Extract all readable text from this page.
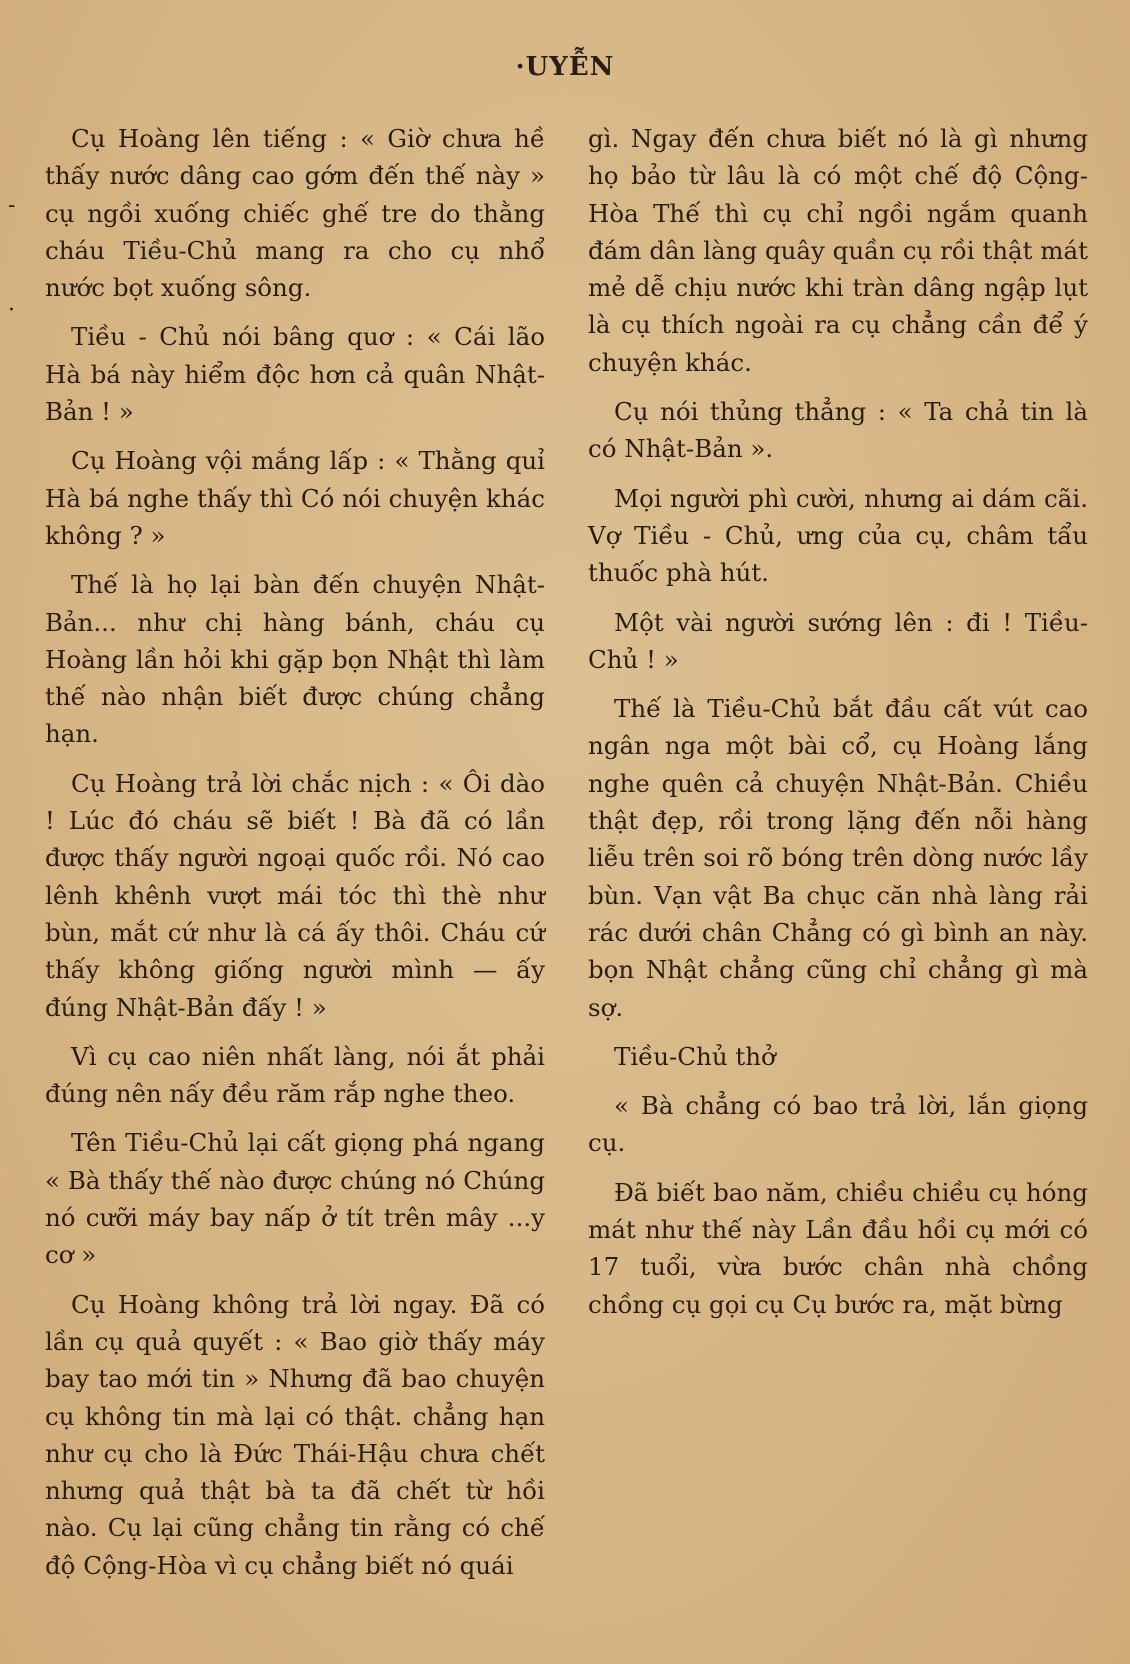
·UYỄN
-
·

Cụ Hoàng lên tiếng : « Giờ chưa hề thấy nước dâng cao gớm đến thế này » cụ ngồi xuống chiếc ghế tre do thằng cháu Tiều-Chủ mang ra cho cụ nhổ nước bọt xuống sông.

Tiều - Chủ nói bâng quơ : « Cái lão Hà bá này hiểm độc hơn cả quân Nhật-Bản ! »

Cụ Hoàng vội mắng lấp : « Thằng quỉ Hà bá nghe thấy thì Có nói chuyện khác không ? »

Thế là họ lại bàn đến chuyện Nhật-Bản... như chị hàng bánh, cháu cụ Hoàng lần hỏi khi gặp bọn Nhật thì làm thế nào nhận biết được chúng chẳng hạn.

Cụ Hoàng trả lời chắc nịch : « Ôi dào ! Lúc đó cháu sẽ biết ! Bà đã có lần được thấy người ngoại quốc rồi. Nó cao lênh khênh vượt mái tóc thì thè như bùn, mắt cứ như là cá ấy thôi. Cháu cứ thấy không giống người mình — ấy đúng Nhật-Bản đấy ! »

Vì cụ cao niên nhất làng, nói ắt phải đúng nên nấy đều răm rắp nghe theo.

Tên Tiều-Chủ lại cất giọng phá ngang « Bà thấy thế nào được chúng nó Chúng nó cưỡi máy bay nấp ở tít trên mây ...y cơ »

Cụ Hoàng không trả lời ngay. Đã có lần cụ quả quyết : « Bao giờ thấy máy bay tao mới tin » Nhưng đã bao chuyện cụ không tin mà lại có thật. chẳng hạn như cụ cho là Đức Thái-Hậu chưa chết nhưng quả thật bà ta đã chết từ hồi nào. Cụ lại cũng chẳng tin rằng có chế độ Cộng-Hòa vì cụ chẳng biết nó quái

gì. Ngay đến chưa biết nó là gì nhưng họ bảo từ lâu là có một chế độ Cộng-Hòa Thế thì cụ chỉ ngồi ngắm quanh đám dân làng quây quần cụ rồi thật mát mẻ dễ chịu nước khi tràn dâng ngập lụt là cụ thích ngoài ra cụ chẳng cần để ý chuyện khác.

Cụ nói thủng thẳng : « Ta chả tin là có Nhật-Bản ».

Mọi người phì cười, nhưng ai dám cãi. Vợ Tiều - Chủ, ưng của cụ, châm tẩu thuốc phà hút.

Một vài người sướng lên : đi ! Tiều-Chủ ! »

Thế là Tiều-Chủ bắt đầu cất vút cao ngân nga một bài cổ, cụ Hoàng lắng nghe quên cả chuyện Nhật-Bản. Chiều thật đẹp, rồi trong lặng đến nỗi hàng liễu trên soi rõ bóng trên dòng nước lầy bùn. Vạn vật Ba chục căn nhà làng rải rác dưới chân Chẳng có gì bình an này. bọn Nhật chẳng cũng chỉ chẳng gì mà sợ.

Tiều-Chủ thở

« Bà chẳng có bao trả lời, lắn giọng cụ.

Đã biết bao năm, chiều chiều cụ hóng mát như thế này Lần đầu hồi cụ mới có 17 tuổi, vừa bước chân nhà chồng chồng cụ gọi cụ Cụ bước ra, mặt bừng
